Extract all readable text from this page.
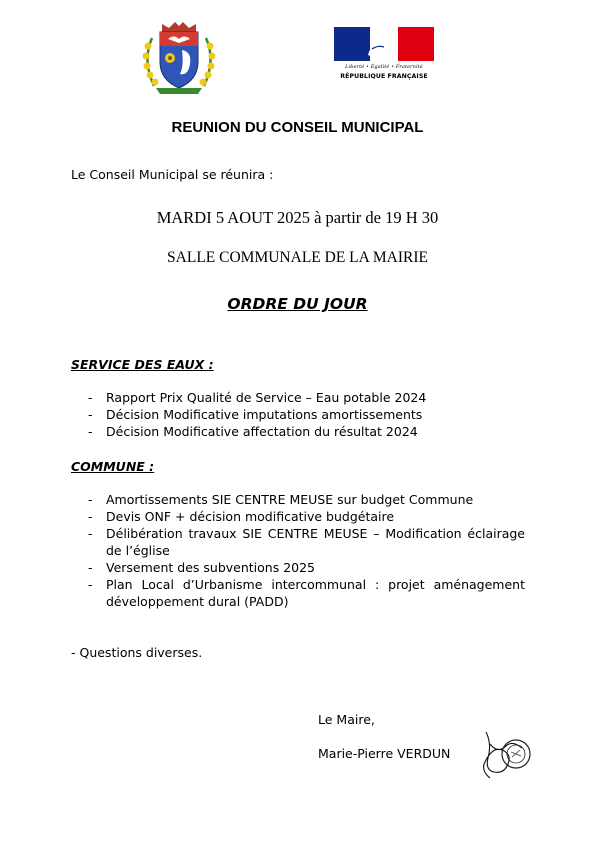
Liberté • Égalité • Fraternité
RÉPUBLIQUE FRANÇAISE
REUNION DU CONSEIL MUNICIPAL
Le Conseil Municipal se réunira :
MARDI 5 AOUT 2025 à partir de 19 H 30
SALLE COMMUNALE DE LA MAIRIE
ORDRE DU JOUR
SERVICE DES EAUX :
- Rapport Prix Qualité de Service – Eau potable 2024
- Décision Modificative imputations amortissements
- Décision Modificative affectation du résultat 2024
COMMUNE :
- Amortissements SIE CENTRE MEUSE sur budget Commune
- Devis ONF + décision modificative budgétaire
- Délibération travaux SIE CENTRE MEUSE – Modification éclairage de l’église
- Versement des subventions 2025
- Plan Local d’Urbanisme intercommunal : projet aménagement développement dural (PADD)
- Questions diverses.
Le Maire,
Marie-Pierre VERDUN
